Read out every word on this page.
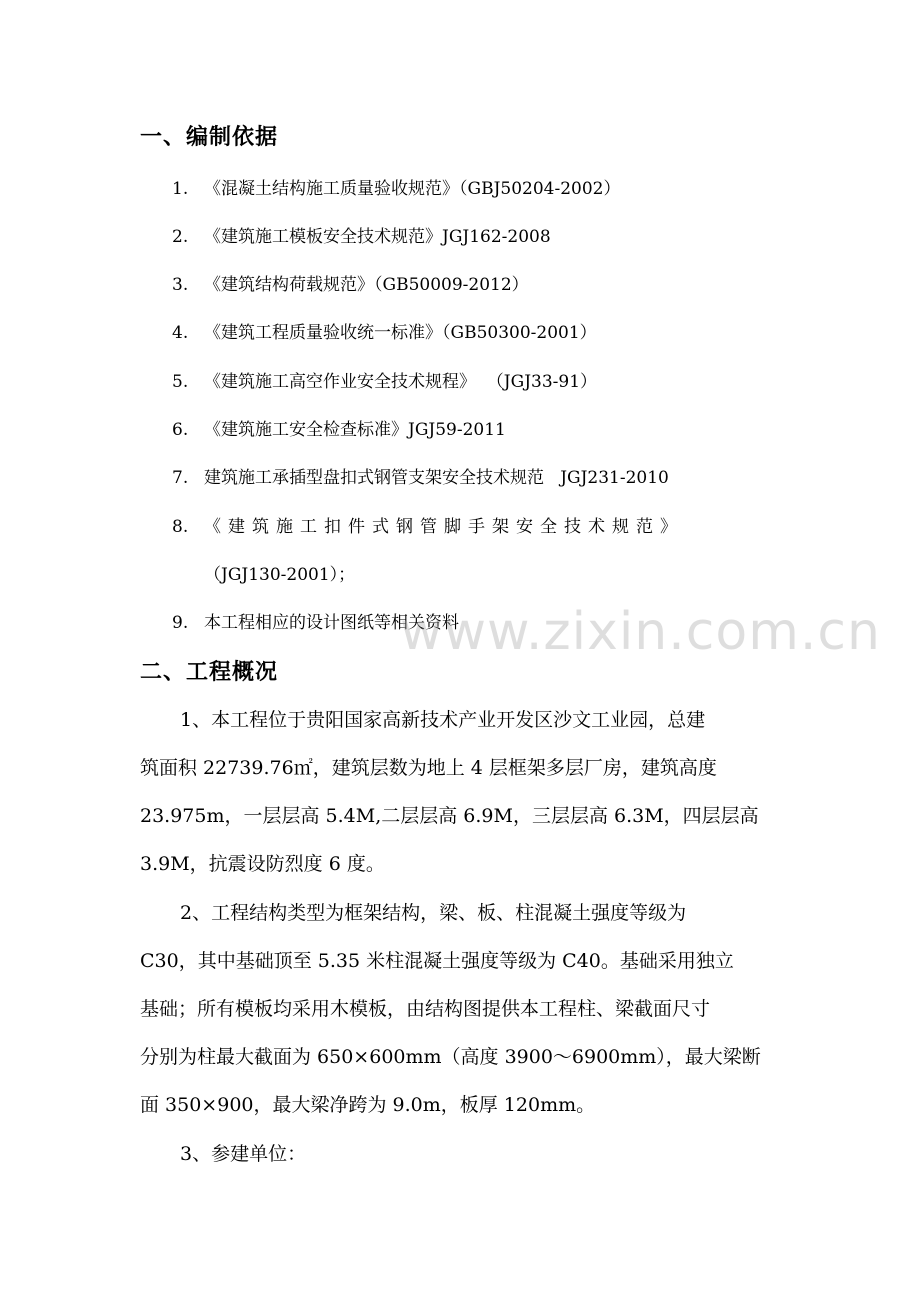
一、编制依据
1. 《混凝土结构施工质量验收规范》（GBJ50204-2002）
2. 《建筑施工模板安全技术规范》JGJ162-2008
3. 《建筑结构荷载规范》（GB50009-2012）
4. 《建筑工程质量验收统一标准》（GB50300-2001）
5. 《建筑施工高空作业安全技术规程》  （JGJ33-91）
6. 《建筑施工安全检查标准》JGJ59-2011
7. 建筑施工承插型盘扣式钢管支架安全技术规范   JGJ231-2010
8. 《建筑施工扣件式钢管脚手架安全技术规范》
（JGJ130-2001）；
9. 本工程相应的设计图纸等相关资料
www.zixin.com.cn
二、工程概况
1、本工程位于贵阳国家高新技术产业开发区沙文工业园，总建
筑面积 22739.76㎡，建筑层数为地上 4 层框架多层厂房，建筑高度
23.975m，一层层高 5.4M,二层层高 6.9M，三层层高 6.3M，四层层高
3.9M，抗震设防烈度 6 度。
2、工程结构类型为框架结构，梁、板、柱混凝土强度等级为
C30，其中基础顶至 5.35 米柱混凝土强度等级为 C40。基础采用独立
基础；所有模板均采用木模板，由结构图提供本工程柱、梁截面尺寸
分别为柱最大截面为 650×600mm（高度 3900～6900mm），最大梁断
面 350×900，最大梁净跨为 9.0m，板厚 120mm。
3、参建单位：
